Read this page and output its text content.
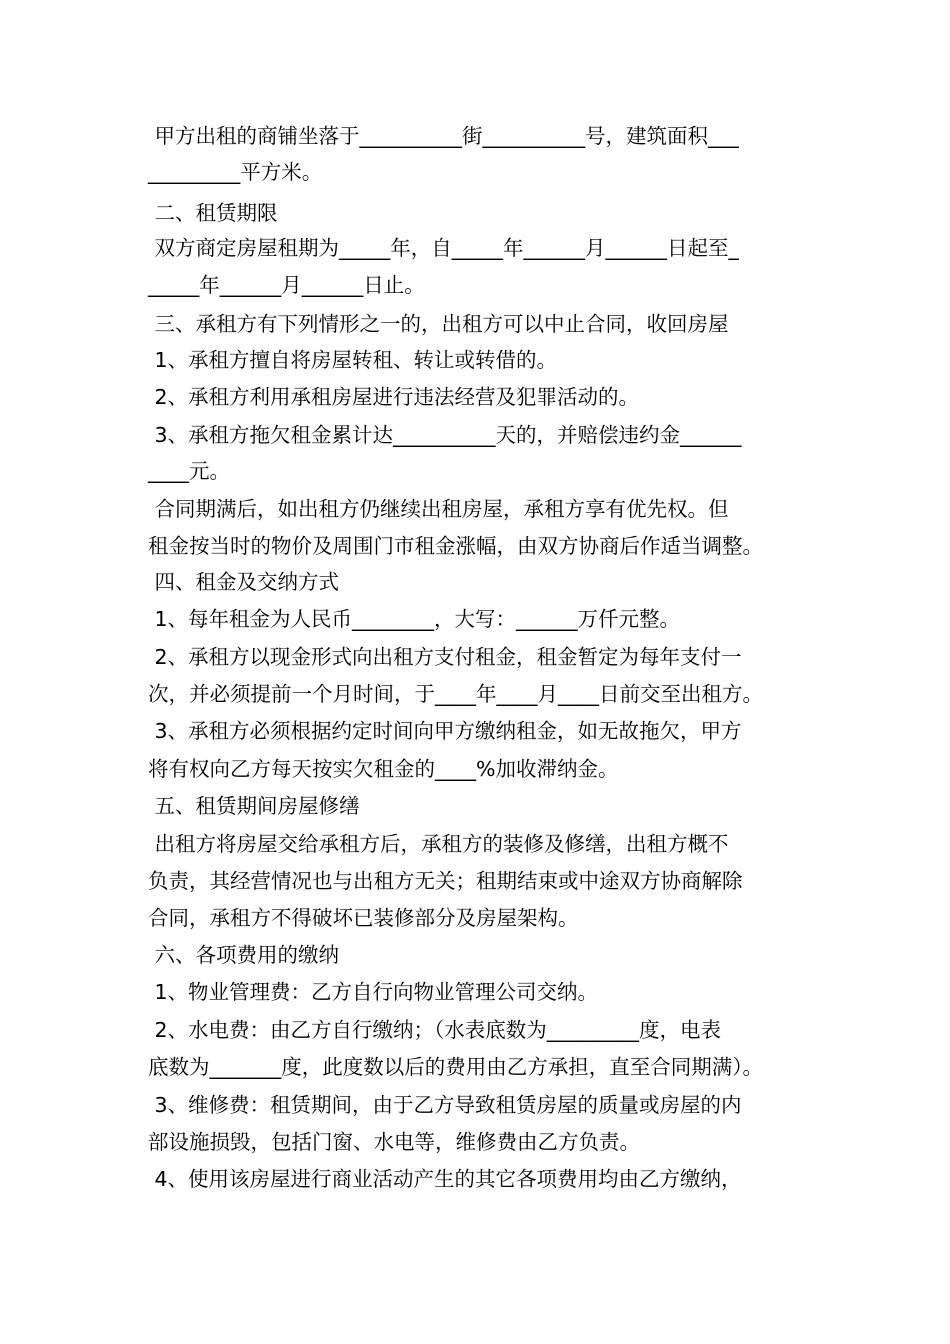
甲方出租的商铺坐落于__________街__________号，建筑面积___

_________平方米。

二、租赁期限

双方商定房屋租期为_____年，自_____年______月______日起至_

_____年______月______日止。

三、承租方有下列情形之一的，出租方可以中止合同，收回房屋

1、承租方擅自将房屋转租、转让或转借的。

2、承租方利用承租房屋进行违法经营及犯罪活动的。

3、承租方拖欠租金累计达__________天的，并赔偿违约金______

____元。

合同期满后，如出租方仍继续出租房屋，承租方享有优先权。但

租金按当时的物价及周围门市租金涨幅，由双方协商后作适当调整。

四、租金及交纳方式

1、每年租金为人民币________，大写：______万仟元整。

2、承租方以现金形式向出租方支付租金，租金暂定为每年支付一

次，并必须提前一个月时间，于____年____月____日前交至出租方。

3、承租方必须根据约定时间向甲方缴纳租金，如无故拖欠，甲方

将有权向乙方每天按实欠租金的____%加收滞纳金。

五、租赁期间房屋修缮

出租方将房屋交给承租方后，承租方的装修及修缮，出租方概不

负责，其经营情况也与出租方无关；租期结束或中途双方协商解除

合同，承租方不得破坏已装修部分及房屋架构。

六、各项费用的缴纳

1、物业管理费：乙方自行向物业管理公司交纳。

2、水电费：由乙方自行缴纳；（水表底数为_________度，电表

底数为_______度，此度数以后的费用由乙方承担，直至合同期满）。

3、维修费：租赁期间，由于乙方导致租赁房屋的质量或房屋的内

部设施损毁，包括门窗、水电等，维修费由乙方负责。

4、使用该房屋进行商业活动产生的其它各项费用均由乙方缴纳，
